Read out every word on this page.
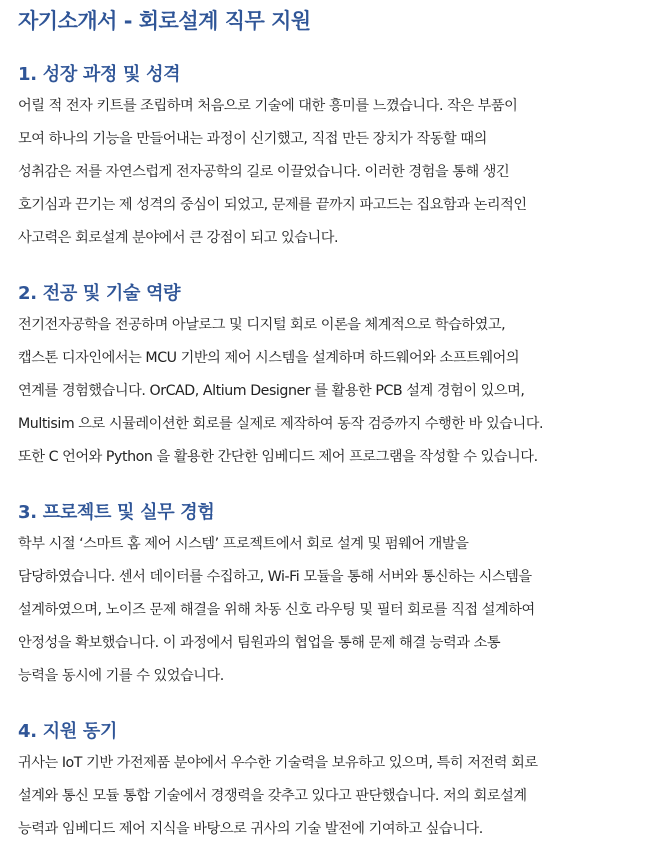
자기소개서 - 회로설계 직무 지원
1. 성장 과정 및 성격
어릴 적 전자 키트를 조립하며 처음으로 기술에 대한 흥미를 느꼈습니다. 작은 부품이
모여 하나의 기능을 만들어내는 과정이 신기했고, 직접 만든 장치가 작동할 때의
성취감은 저를 자연스럽게 전자공학의 길로 이끌었습니다. 이러한 경험을 통해 생긴
호기심과 끈기는 제 성격의 중심이 되었고, 문제를 끝까지 파고드는 집요함과 논리적인
사고력은 회로설계 분야에서 큰 강점이 되고 있습니다.
2. 전공 및 기술 역량
전기전자공학을 전공하며 아날로그 및 디지털 회로 이론을 체계적으로 학습하였고,
캡스톤 디자인에서는 MCU 기반의 제어 시스템을 설계하며 하드웨어와 소프트웨어의
연계를 경험했습니다. OrCAD, Altium Designer 를 활용한 PCB 설계 경험이 있으며,
Multisim 으로 시뮬레이션한 회로를 실제로 제작하여 동작 검증까지 수행한 바 있습니다.
또한 C 언어와 Python 을 활용한 간단한 임베디드 제어 프로그램을 작성할 수 있습니다.
3. 프로젝트 및 실무 경험
학부 시절 ‘스마트 홈 제어 시스템’ 프로젝트에서 회로 설계 및 펌웨어 개발을
담당하였습니다. 센서 데이터를 수집하고, Wi-Fi 모듈을 통해 서버와 통신하는 시스템을
설계하였으며, 노이즈 문제 해결을 위해 차동 신호 라우팅 및 필터 회로를 직접 설계하여
안정성을 확보했습니다. 이 과정에서 팀원과의 협업을 통해 문제 해결 능력과 소통
능력을 동시에 기를 수 있었습니다.
4. 지원 동기
귀사는 IoT 기반 가전제품 분야에서 우수한 기술력을 보유하고 있으며, 특히 저전력 회로
설계와 통신 모듈 통합 기술에서 경쟁력을 갖추고 있다고 판단했습니다. 저의 회로설계
능력과 임베디드 제어 지식을 바탕으로 귀사의 기술 발전에 기여하고 싶습니다.
